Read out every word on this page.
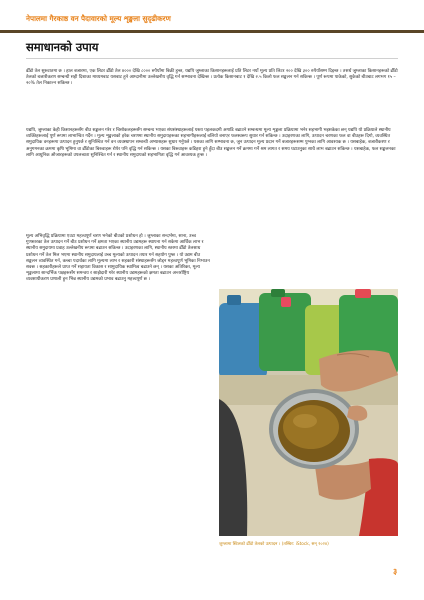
नेपालमा गैरकाष्ठ वन पैदावारको मूल्य शृङ्खला सुदृढीकरण
समाधानको उपाय

ढीँडो तेल सुरुवातमा छ । हाल बजारमा, एक लिटर ढीँडो तेल ४००० देखि ८००० रुपैयाँमा बिक्री हुन्छ, यद्यपि जुम्लाका किसानहरूलाई प्रति लिटर नयाँ मूल्य प्रति लिटर २०० देखि ३०० रुपैयाँसम्म दिइन्छ । तसर्थ जुम्लाका किसानहरूको ढीँडो तेलको बजारीकरण सम्बन्धी सही दिशाका माध्यमबाट यसबाट हुने आम्दानीमा उल्लेखनीय वृद्धि गर्न सम्भावना देखिन्छ । प्रत्येक किसानबाट १ देखि २.५ किलो फल सङ्कलन गर्न सकिन्छ । पूर्ण रूपमा पाकेको, सुकेको बीउबाट लगभग १५ – २०% तेल निकाल्न सकिन्छ ।

यद्यपि, जुम्लाका केही किसानहरूसँग बीउ सङ्कलन गरेर र चिसोकलहरूसँग सम्बन्ध भएका संघसंस्थाहरूलाई यस्ता पहलकदमी अगाडि बढाउने सम्बन्धमा मूल्य शृङ्खला प्रक्रियामा भनेर सहभागी भइसकेका छन् यद्यपि यो प्रक्रियाले स्थानीय व्यक्तिहरूलाई पूर्ण रूपमा लाभान्वित गर्दैन । मूल्य शृङ्खलाको हरेक चरणमा स्थानीय समुदायहरूका सहभागीहरूलाई बलियो बनाएर फलस्वरूप सुधार गर्न सकिन्छ । उदाहरणका लागि, उत्पादन चरणका फल वा बीउहरू दिगो, व्यवस्थित समुदायिक वनहरूमा उत्पादन हुनुपर्छ र सुनिश्चित गर्न वन व्यवस्थापन सम्बन्धी अभ्यासहरू सुधार गर्नुपर्छ । यसका लागि सम्भावना छ, जुन उत्पादन मूल्य प्रदान गर्ने बजारहरूसम्म पुग्नका लागि आवश्यक छ । यसबाहेक, बजारीकरण र अनुगमनका क्रममा कृषि भूमिमा वा ढीँडोका बिरुवाहरू रोपेर पनि वृद्धि गर्न सकिन्छ । यसका बिरुवाहरू कडिहरा हुने हुँदा बीउ सङ्कलन गर्ने क्रममा गर्ने श्रम लागत र समय घटाउनुका साथै लाभ बढाउन सकिन्छ । यसबाहेक, फल सङ्कलनका लागि आधुनिक औजारहरूको उपलब्धता सुनिश्चित गर्न र स्थानीय समुदायको सहभागिता वृद्धि गर्न आवश्यक हुन्छ ।

मूल्य अभिवृद्धि प्रक्रियामा एउटा महत्त्वपूर्ण चरण भनेको बीउको प्रशोधन हो । जुम्लाका सन्दर्भमा, साना, उच्च गुणस्तरका तेल उत्पादन गर्ने बीउ प्रशोधन गर्ने क्षमता भएका स्थानीय उद्यमहरू स्थापना गर्न सकेमा आर्थिक लाभ र स्थानीय समुदायमा प्रवाह उल्लेखनीय रूपमा बढाउन सकिन्छ । उदाहरणका लागि, स्थानीय स्तरमा ढीँडो तेलसाथ प्रशोधन गर्ने तेल मिल भएमा स्थानीय समुदायलाई उच्च मूल्यको उत्पादन तयार गर्न सहयोग पुग्छ । यो उद्यम बीउ सङ्कलन व्यवस्थित गर्न, कच्चा पदार्थका लागि मूल्यमा लाभ र सहकारी संस्थाहरूसँग जोड्न महत्त्वपूर्ण भूमिका निभाउन सक्छ । सहकारीहरूले प्राप्त गर्ने सहायता विकास र सामुदायिक स्वामित्व बढाउने छन् । यसका अतिरिक्त, मूल्य शृङ्खलामा सान्दर्भिक पक्षहरूसँग समन्वय र साझेदारी गरेर स्थानीय उद्यमहरूको क्षमता बढाउन अन्तर्राष्ट्रिय व्यवसायीकरण प्रणाली हुन भिन्न स्थानीय उद्यमको प्रभाव बढाउनु महत्त्वपूर्ण छ ।

जुम्लामा स्टिलको ढीँडो तेलको उत्पादन । (तस्बिर: iStock, सन् २०२४)

३
